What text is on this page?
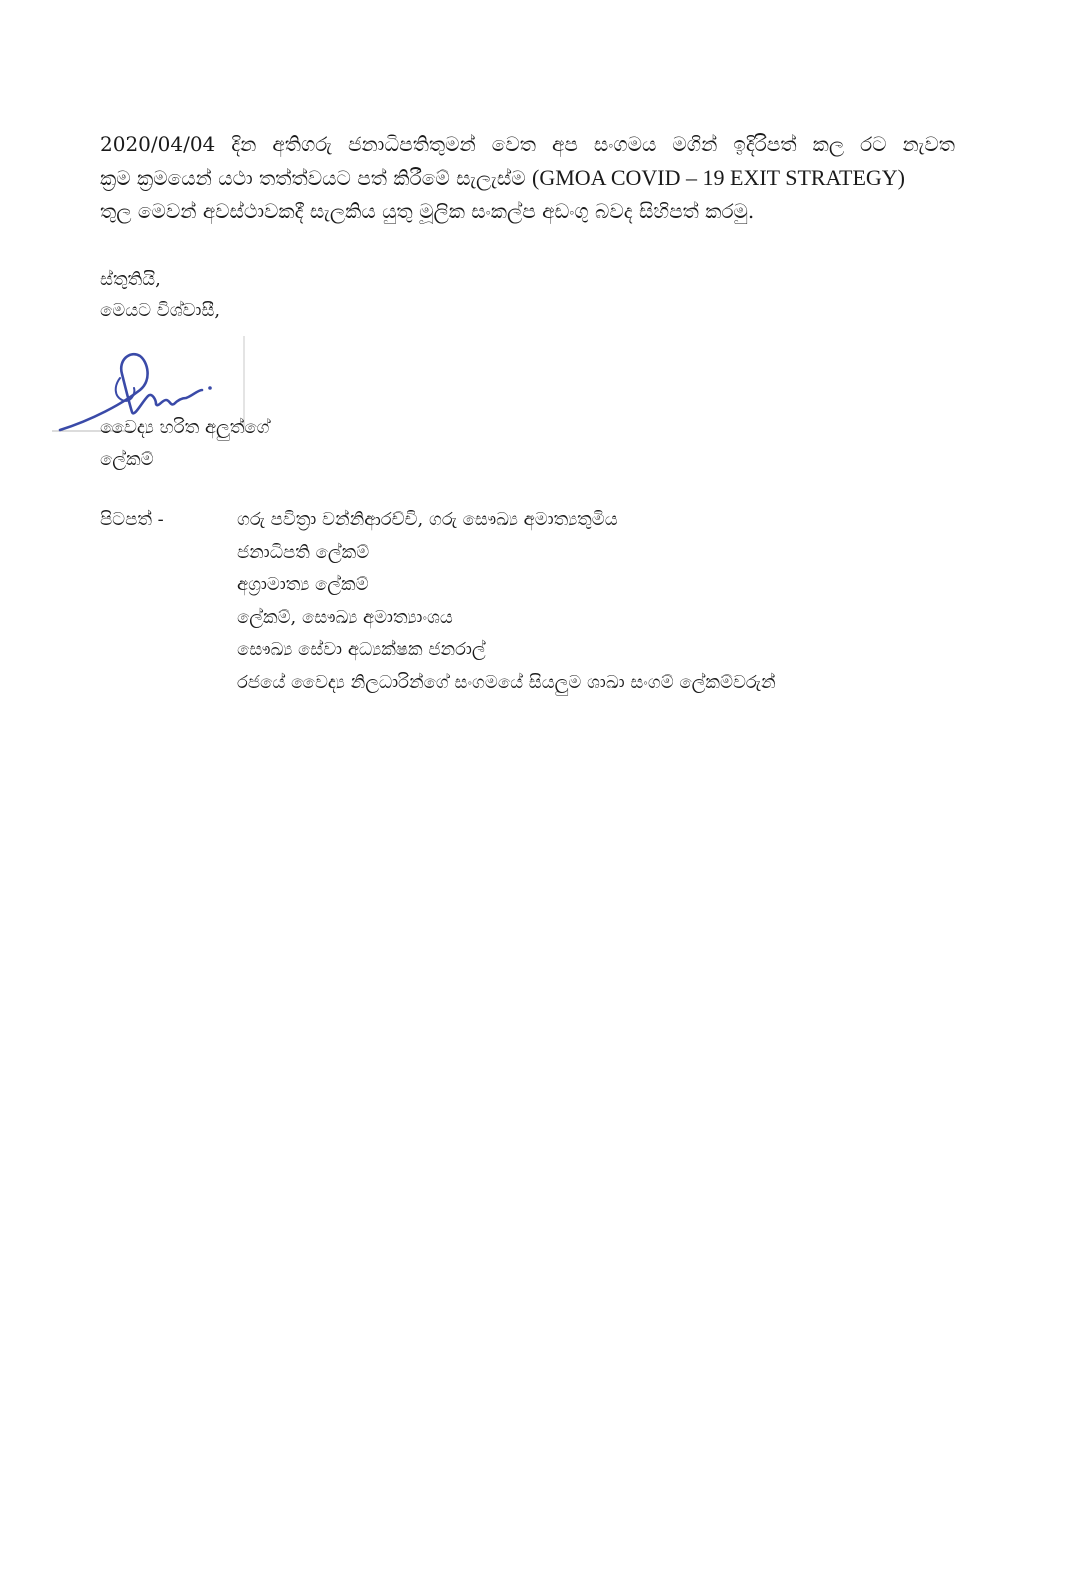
2020/04/04 දින අතිගරු ජනාධිපතිතුමන් වෙත අප සංගමය මගින් ඉදිරිපත් කල රට නැවත
ක්‍රම ක්‍රමයෙන් යථා තත්ත්වයට පත් කිරීමේ සැලැස්ම (GMOA COVID – 19 EXIT STRATEGY)
තුල මෙවන් අවස්ථාවකදී සැලකිය යුතු මූලික සංකල්ප අඩංගු බවද සිහිපත් කරමු.
ස්තුතියි,
මෙයට විශ්වාසී,
වෛද්‍ය හරිත අලුත්ගේ
ලේකම්
පිටපත් -	ගරු පවිත්‍රා වන්නිආරච්චි, ගරු සෞඛ්‍ය අමාත්‍යතුමිය
ජනාධිපති ලේකම්
අග්‍රාමාත්‍ය ලේකම්
ලේකම්, සෞඛ්‍ය අමාත්‍යාංශය
සෞඛ්‍ය සේවා අධ්‍යක්ෂක ජනරාල්
රජයේ වෛද්‍ය නිලධාරින්ගේ සංගමයේ සියලුම ශාඛා සංගම් ලේකම්වරුන්
